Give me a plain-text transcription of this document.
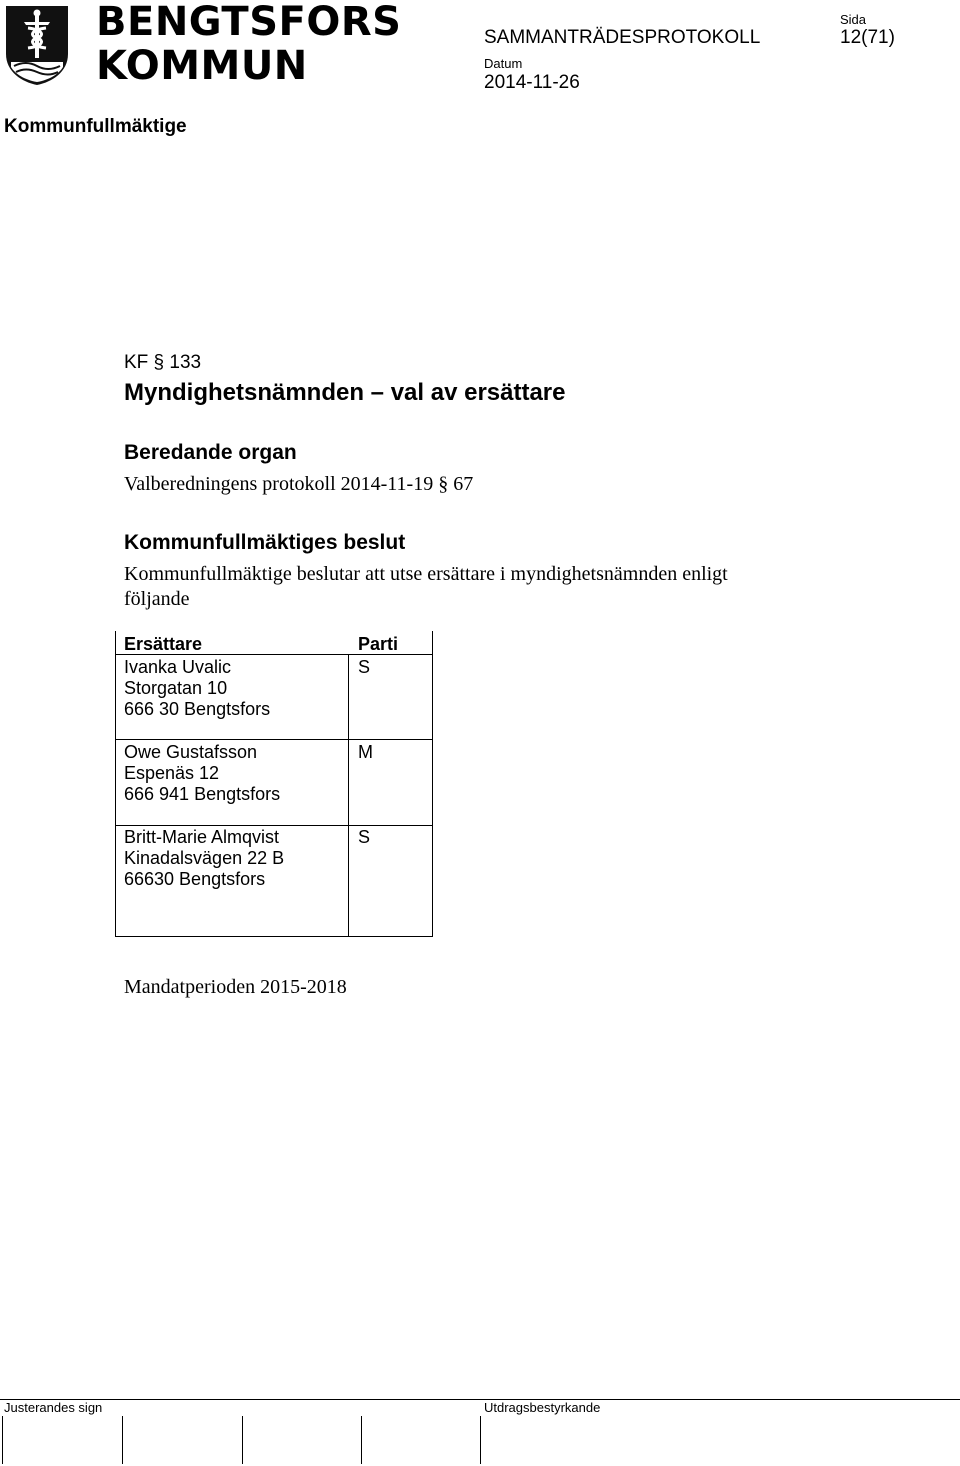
BENGTSFORS
KOMMUN
SAMMANTRÄDESPROTOKOLL
Sida
12(71)
Datum
2014-11-26
Kommunfullmäktige
KF § 133
Myndighetsnämnden – val av ersättare
Beredande organ
Valberedningens protokoll 2014-11-19 § 67
Kommunfullmäktiges beslut
Kommunfullmäktige beslutar att utse ersättare i myndighetsnämnden enligt
följande
Ersättare	Parti
Ivanka Uvalic
Storgatan 10
666 30 Bengtsfors
S
Owe Gustafsson
Espenäs 12
666 941 Bengtsfors
M
Britt-Marie Almqvist
Kinadalsvägen 22 B
66630 Bengtsfors
S
Mandatperioden 2015-2018
Justerandes sign	Utdragsbestyrkande
